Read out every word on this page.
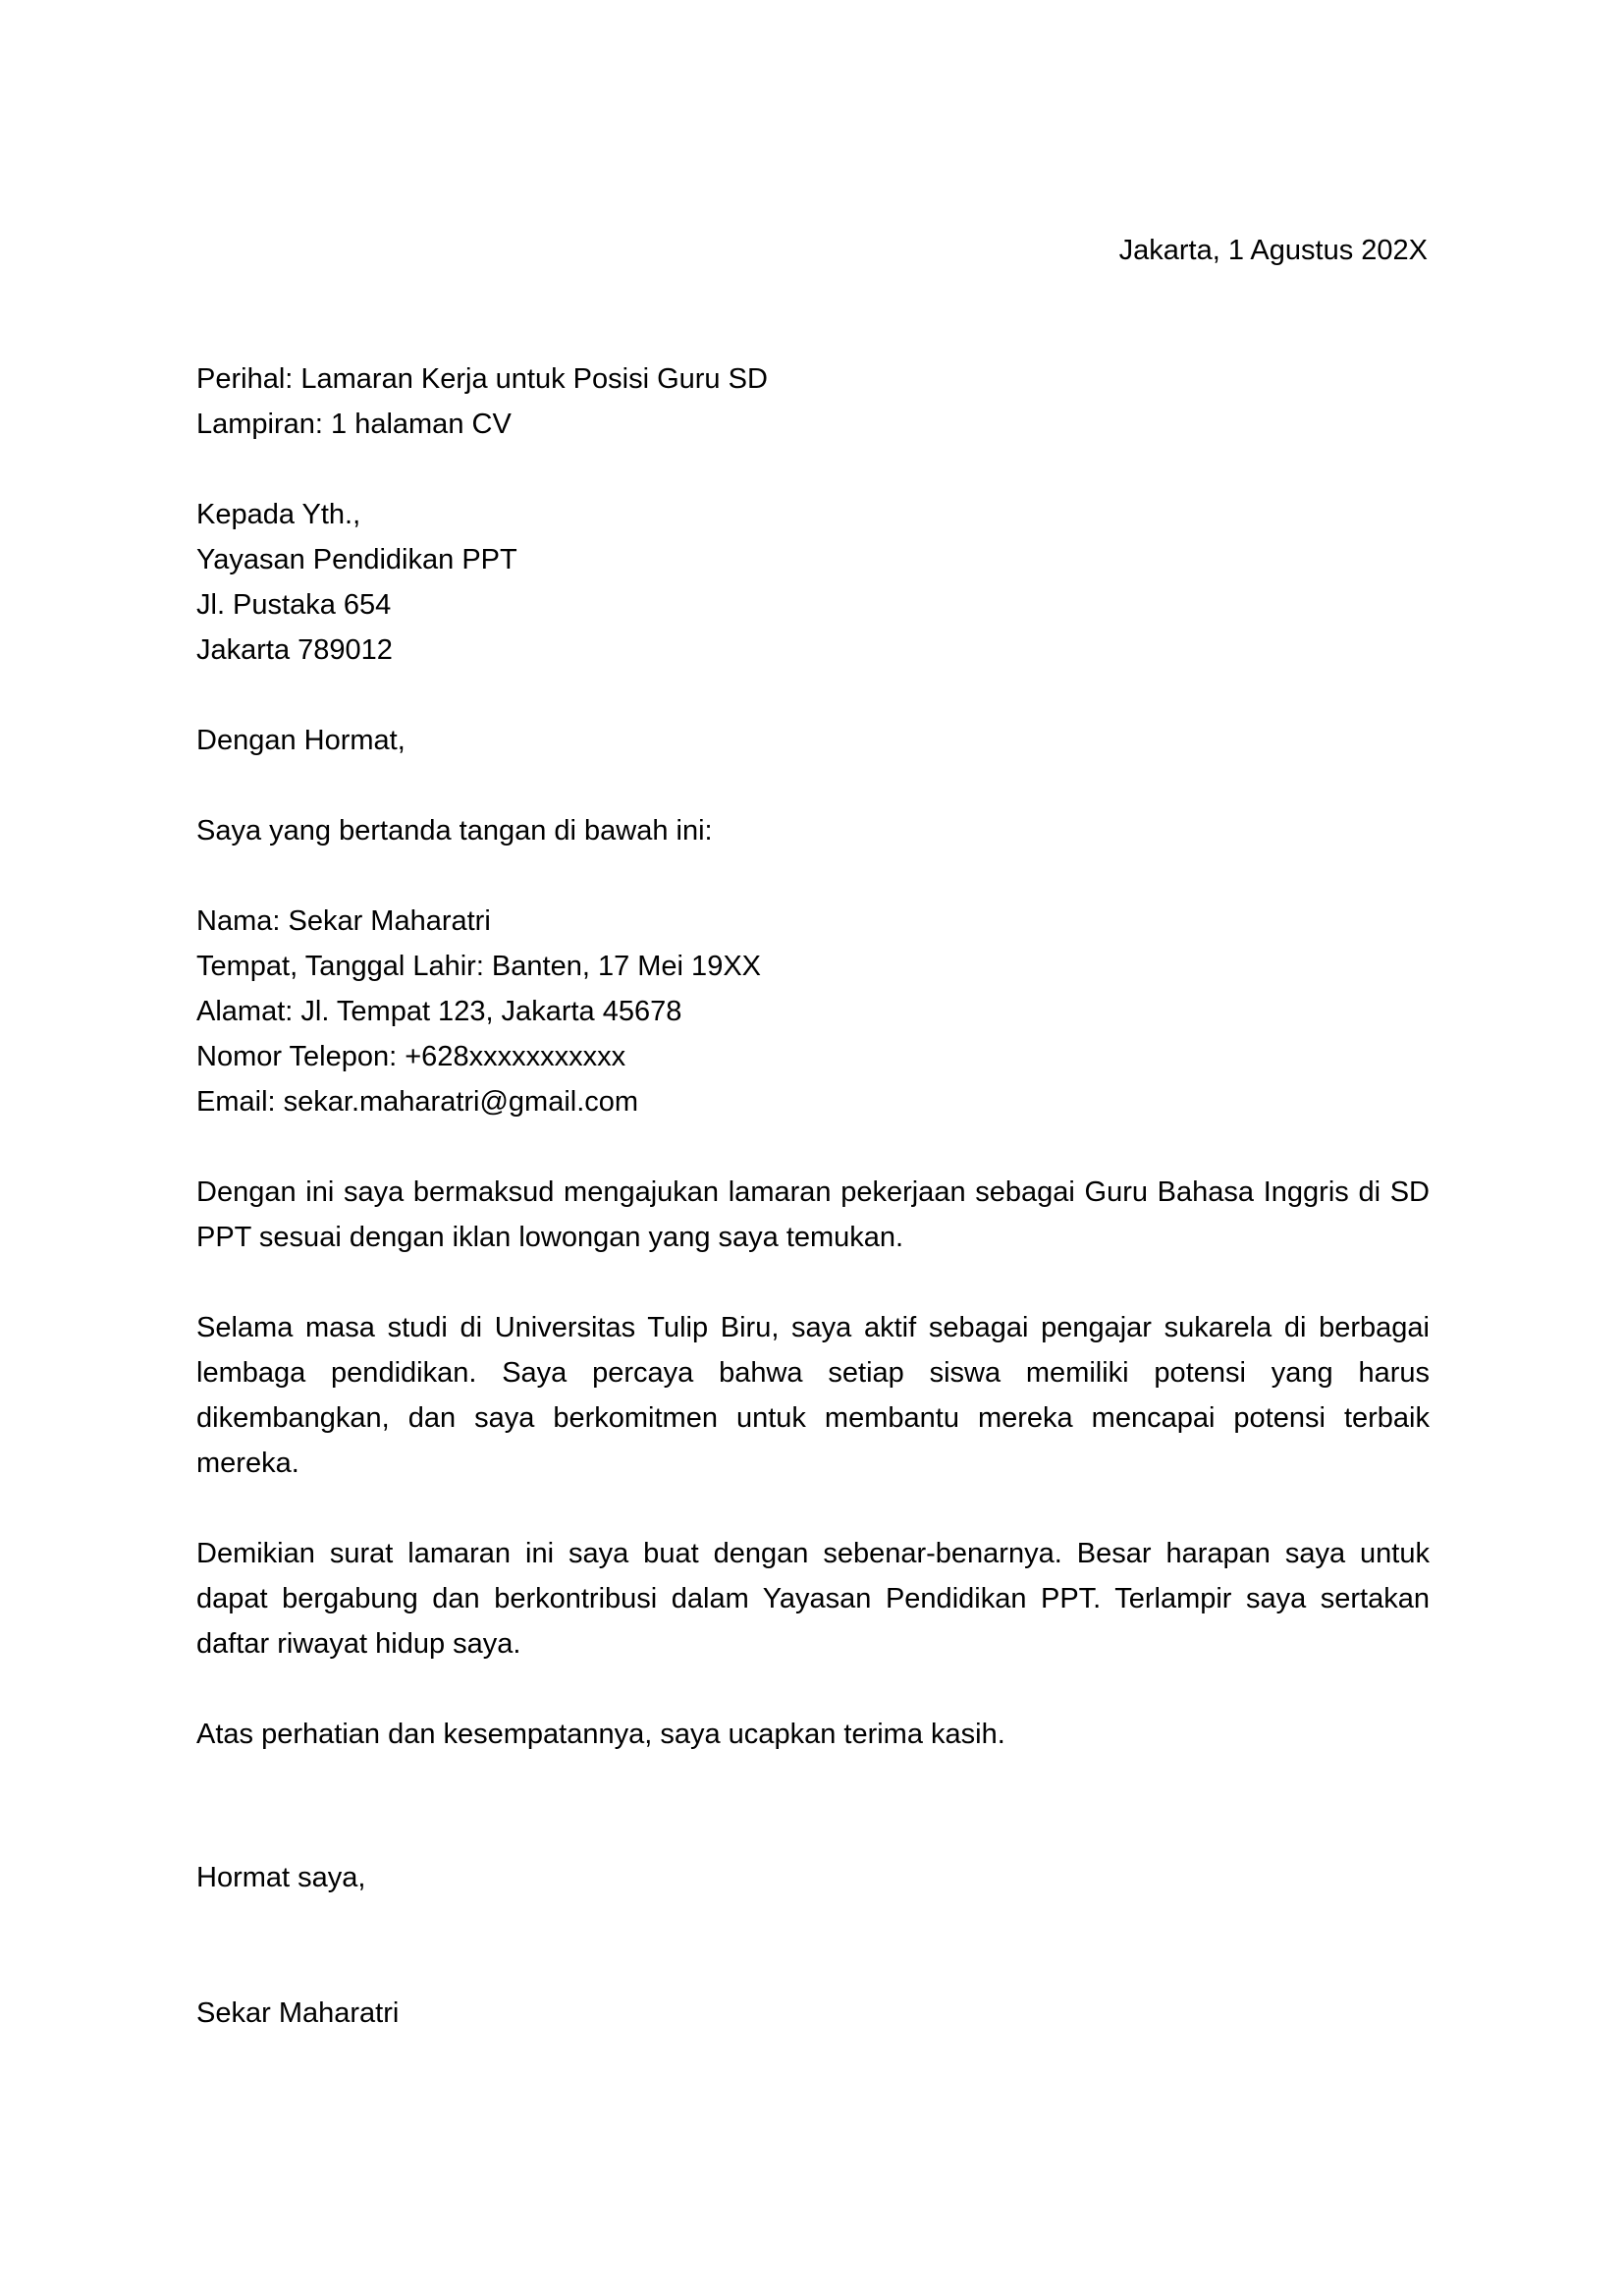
Jakarta, 1 Agustus 202X
Perihal: Lamaran Kerja untuk Posisi Guru SD
Lampiran: 1 halaman CV
Kepada Yth.,
Yayasan Pendidikan PPT
Jl. Pustaka 654
Jakarta 789012
Dengan Hormat,
Saya yang bertanda tangan di bawah ini:
Nama: Sekar Maharatri
Tempat, Tanggal Lahir: Banten, 17 Mei 19XX
Alamat: Jl. Tempat 123, Jakarta 45678
Nomor Telepon: +628xxxxxxxxxxx
Email: sekar.maharatri@gmail.com

Dengan ini saya bermaksud mengajukan lamaran pekerjaan sebagai Guru Bahasa Inggris di SD PPT sesuai dengan iklan lowongan yang saya temukan.

Selama masa studi di Universitas Tulip Biru, saya aktif sebagai pengajar sukarela di berbagai lembaga pendidikan. Saya percaya bahwa setiap siswa memiliki potensi yang harus dikembangkan, dan saya berkomitmen untuk membantu mereka mencapai potensi terbaik mereka.

Demikian surat lamaran ini saya buat dengan sebenar-benarnya. Besar harapan saya untuk dapat bergabung dan berkontribusi dalam Yayasan Pendidikan PPT. Terlampir saya sertakan daftar riwayat hidup saya.

Atas perhatian dan kesempatannya, saya ucapkan terima kasih.

Hormat saya,
Sekar Maharatri
